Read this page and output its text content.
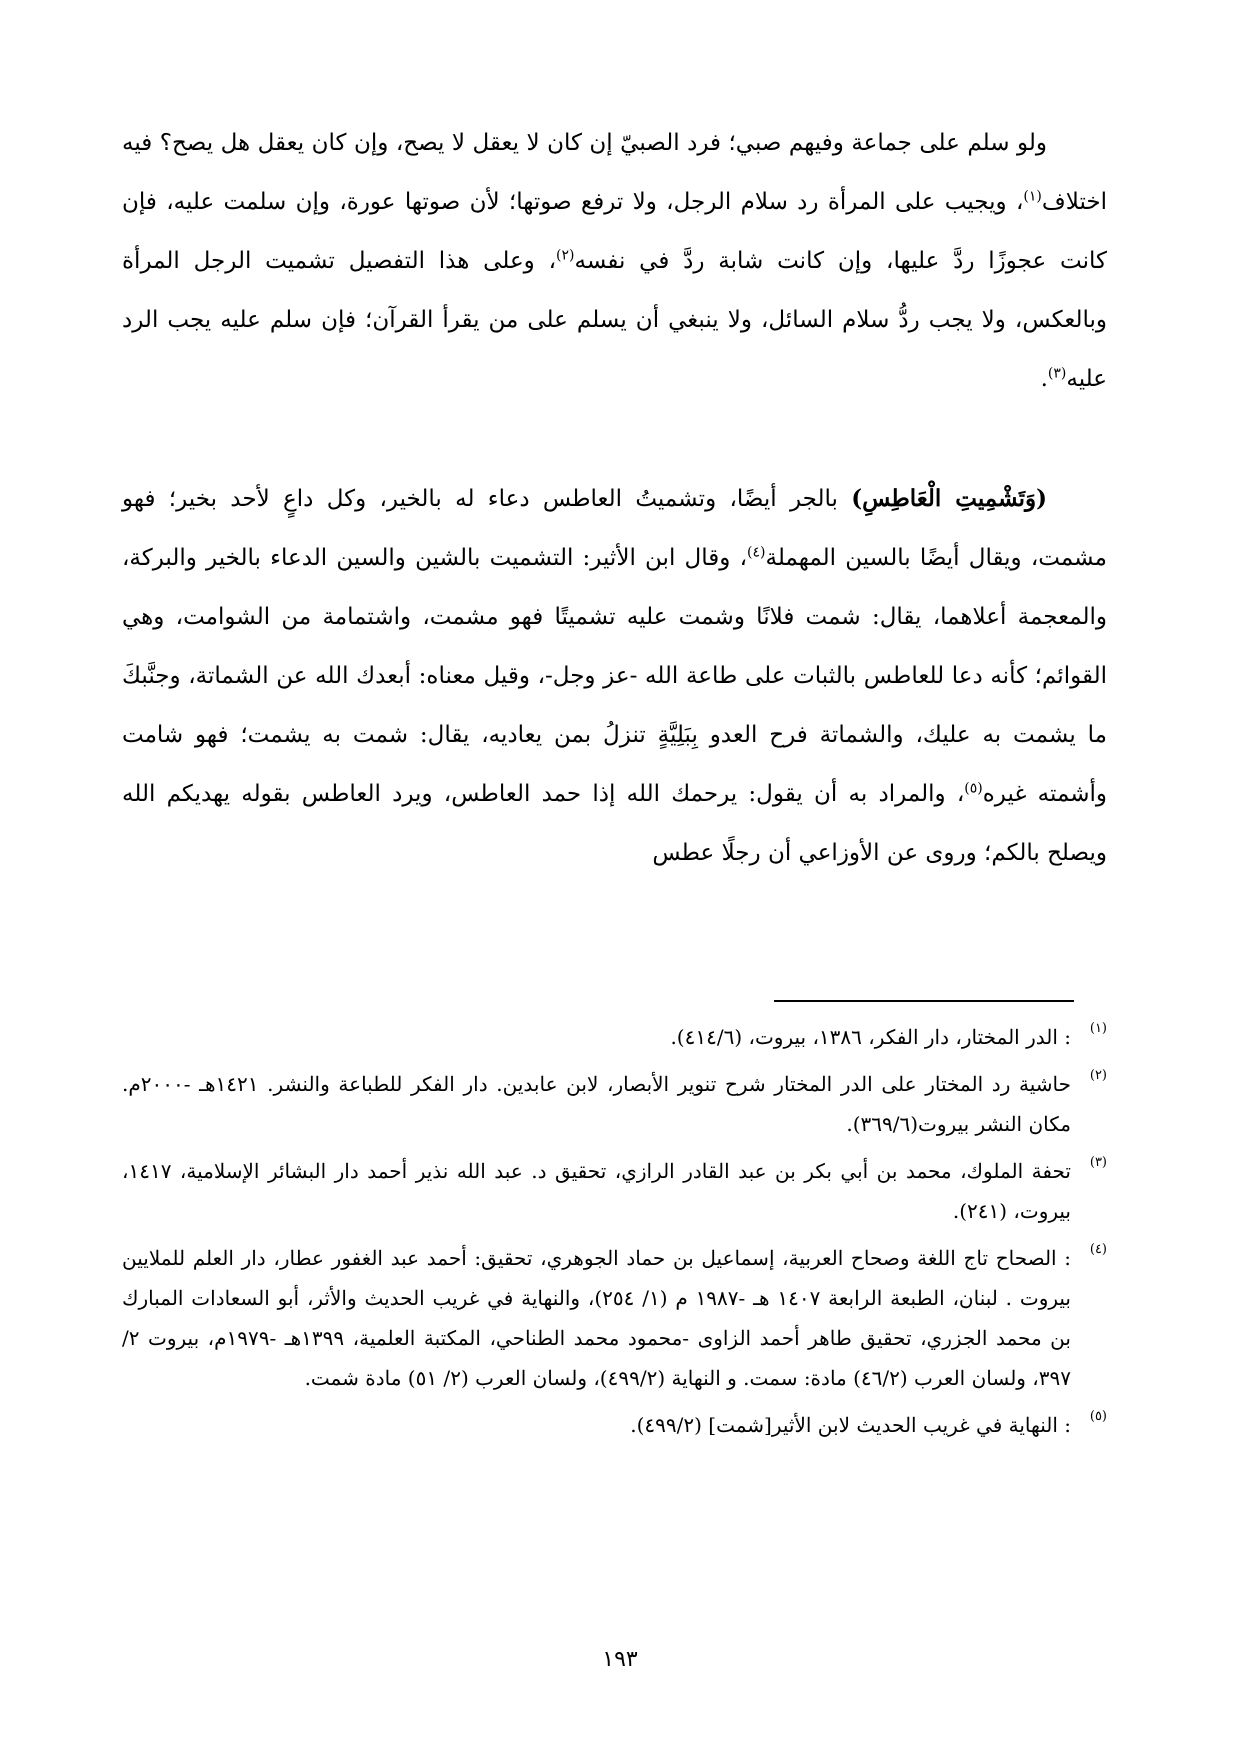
ولو سلم على جماعة وفيهم صبي؛ فرد الصبيّ إن كان لا يعقل لا يصح، وإن كان يعقل هل يصح؟ فيه اختلاف$^{(١)}$، ويجيب على المرأة رد سلام الرجل، ولا ترفع صوتها؛ لأن صوتها عورة، وإن سلمت عليه، فإن كانت عجوزًا ردَّ عليها، وإن كانت شابة ردَّ في نفسه$^{(٢)}$، وعلى هذا التفصيل تشميت الرجل المرأة وبالعكس، ولا يجب ردُّ سلام السائل، ولا ينبغي أن يسلم على من يقرأ القرآن؛ فإن سلم عليه يجب الرد عليه$^{(٣)}$.

(وَتَشْمِيتِ الْعَاطِسِ) بالجر أيضًا، وتشميتُ العاطس دعاء له بالخير، وكل داعٍ لأحد بخير؛ فهو مشمت، ويقال أيضًا بالسين المهملة$^{(٤)}$، وقال ابن الأثير: التشميت بالشين والسين الدعاء بالخير والبركة، والمعجمة أعلاهما، يقال: شمت فلانًا وشمت عليه تشميتًا فهو مشمت، واشتمامة من الشوامت، وهي القوائم؛ كأنه دعا للعاطس بالثبات على طاعة الله -عز وجل-، وقيل معناه: أبعدك الله عن الشماتة، وجنَّبكَ ما يشمت به عليك، والشماتة فرح العدو بِبَلِيَّةٍ تنزلُ بمن يعاديه، يقال: شمت به يشمت؛ فهو شامت وأشمته غيره$^{(٥)}$، والمراد به أن يقول: يرحمك الله إذا حمد العاطس، ويرد العاطس بقوله يهديكم الله ويصلح بالكم؛ وروى عن الأوزاعي أن رجلًا عطس

(١)
: الدر المختار، دار الفكر، ١٣٨٦، بيروت، (٤١٤/٦).
(٢)
حاشية رد المختار على الدر المختار شرح تنوير الأبصار، لابن عابدين. دار الفكر للطباعة والنشر. ١٤٢١هـ -٢٠٠٠م. مكان النشر بيروت(٣٦٩/٦).
(٣)
تحفة الملوك، محمد بن أبي بكر بن عبد القادر الرازي، تحقيق د. عبد الله نذير أحمد دار البشائر الإسلامية، ١٤١٧، بيروت، (٢٤١).
(٤)
: الصحاح تاج اللغة وصحاح العربية، إسماعيل بن حماد الجوهري، تحقيق: أحمد عبد الغفور عطار، دار العلم للملايين بيروت . لبنان، الطبعة الرابعة ١٤٠٧ هـ -١٩٨٧ م (١/ ٢٥٤)، والنهاية في غريب الحديث والأثر، أبو السعادات المبارك بن محمد الجزري، تحقيق طاهر أحمد الزاوى -محمود محمد الطناحي، المكتبة العلمية، ١٣٩٩هـ -١٩٧٩م، بيروت ٢/ ٣٩٧، ولسان العرب (٤٦/٢) مادة: سمت. و النهاية (٤٩٩/٢)، ولسان العرب (٢/ ٥١) مادة شمت.
(٥)
: النهاية في غريب الحديث لابن الأثير[شمت] (٤٩٩/٢).
١٩٣
